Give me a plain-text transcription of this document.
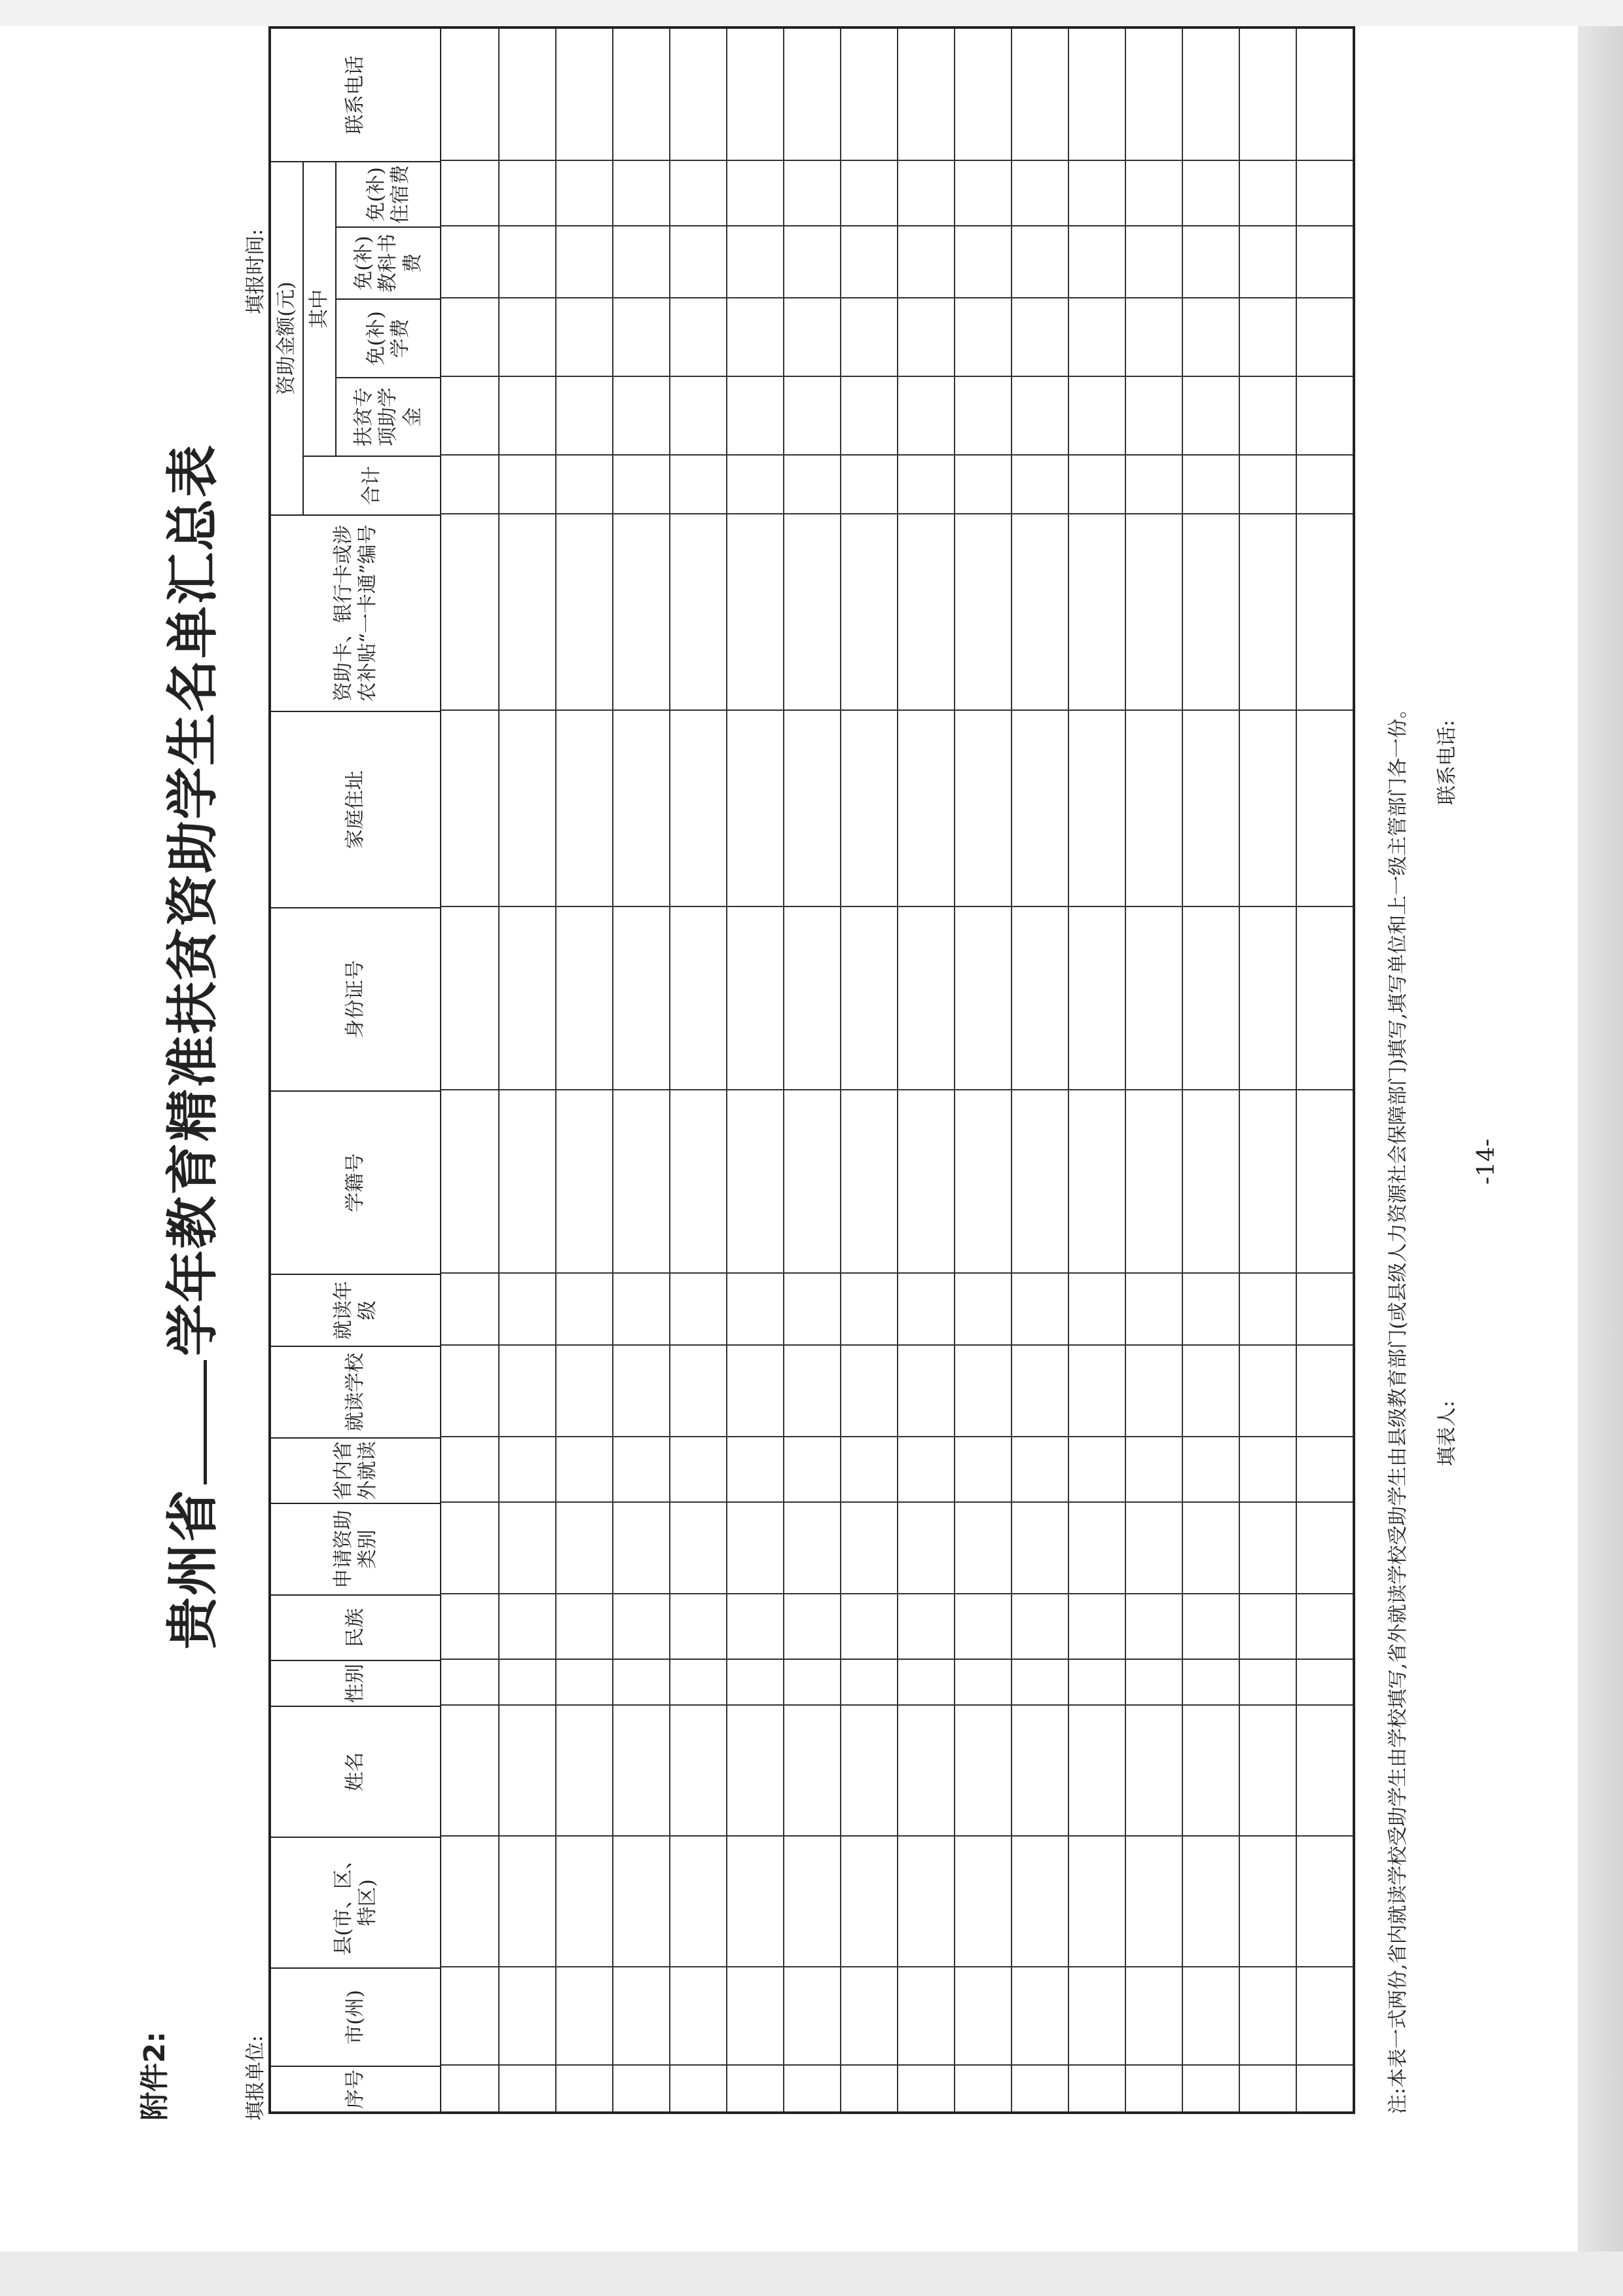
附件2:
贵州省学年教育精准扶贫资助学生名单汇总表
填报单位:
填报时间:
序号
市(州)
县(市、区、特区)
姓名
性别
民族
申请资助类别
省内省外就读
就读学校
就读年级
学籍号
身份证号
家庭住址
资助卡、银行卡或涉农补贴“一卡通”编号
资助金额(元)
合计
其中
扶贫专项助学金
免(补)学费
免(补)教科书费
免(补)住宿费
联系电话
注:本表一式两份,省内就读学校受助学生由学校填写,省外就读学校受助学生由县级教育部门(或县级人力资源社会保障部门)填写,填写单位和上一级主管部门各一份。 填表人:
联系电话:
-14-
